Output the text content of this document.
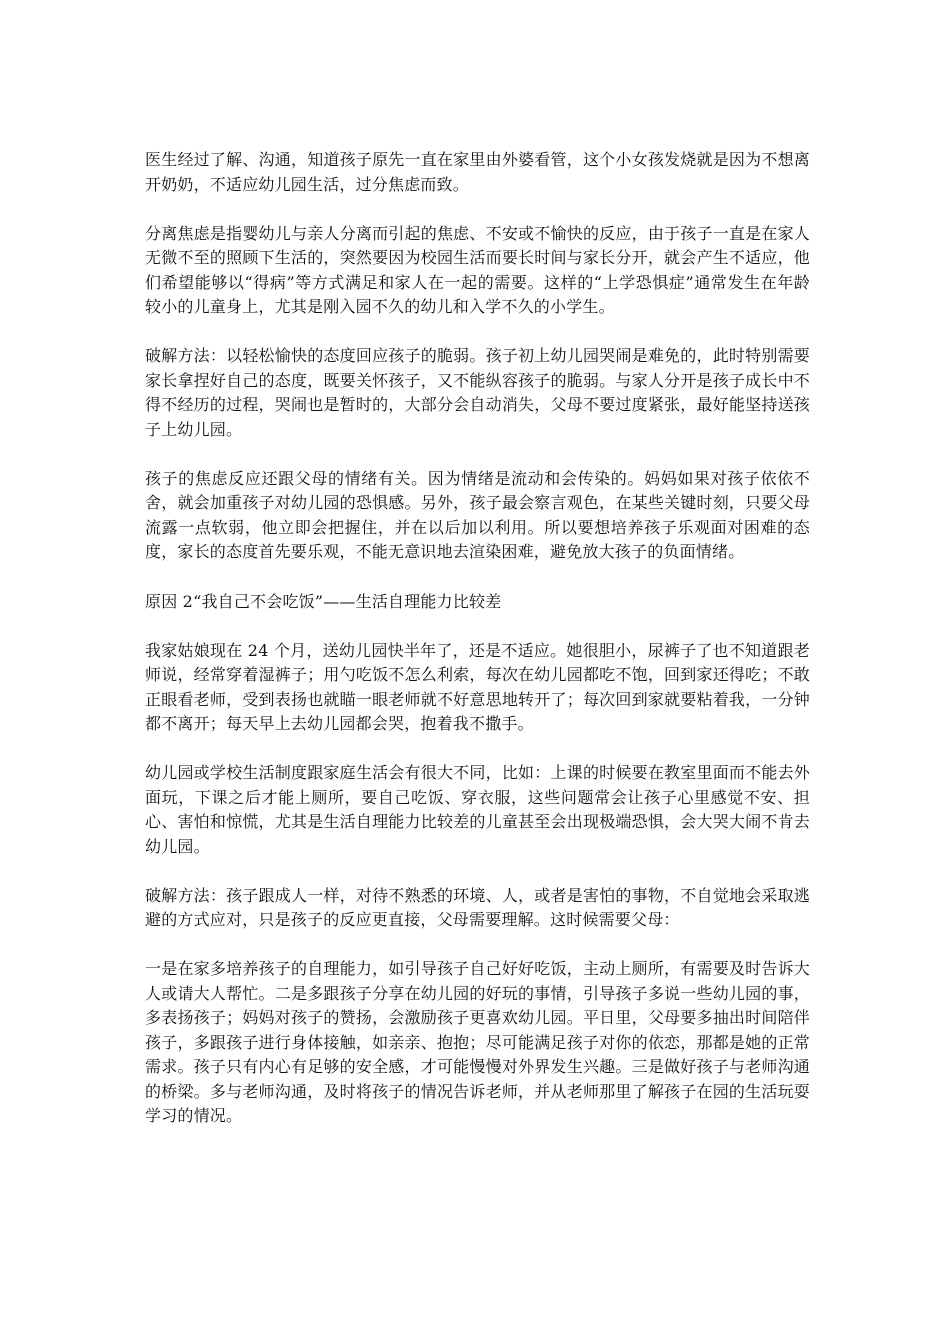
医生经过了解、沟通，知道孩子原先一直在家里由外婆看管，这个小女孩发烧就是因为不想离开奶奶，不适应幼儿园生活，过分焦虑而致。

分离焦虑是指婴幼儿与亲人分离而引起的焦虑、不安或不愉快的反应，由于孩子一直是在家人无微不至的照顾下生活的，突然要因为校园生活而要长时间与家长分开，就会产生不适应，他们希望能够以“得病”等方式满足和家人在一起的需要。这样的“上学恐惧症”通常发生在年龄较小的儿童身上，尤其是刚入园不久的幼儿和入学不久的小学生。

破解方法：以轻松愉快的态度回应孩子的脆弱。孩子初上幼儿园哭闹是难免的，此时特别需要家长拿捏好自己的态度，既要关怀孩子，又不能纵容孩子的脆弱。与家人分开是孩子成长中不得不经历的过程，哭闹也是暂时的，大部分会自动消失，父母不要过度紧张，最好能坚持送孩子上幼儿园。

孩子的焦虑反应还跟父母的情绪有关。因为情绪是流动和会传染的。妈妈如果对孩子依依不舍，就会加重孩子对幼儿园的恐惧感。另外，孩子最会察言观色，在某些关键时刻，只要父母流露一点软弱，他立即会把握住，并在以后加以利用。所以要想培养孩子乐观面对困难的态度，家长的态度首先要乐观，不能无意识地去渲染困难，避免放大孩子的负面情绪。

原因 2“我自己不会吃饭”——生活自理能力比较差

我家姑娘现在 24 个月，送幼儿园快半年了，还是不适应。她很胆小，尿裤子了也不知道跟老师说，经常穿着湿裤子；用勺吃饭不怎么利索，每次在幼儿园都吃不饱，回到家还得吃；不敢正眼看老师，受到表扬也就瞄一眼老师就不好意思地转开了；每次回到家就要粘着我，一分钟都不离开；每天早上去幼儿园都会哭，抱着我不撒手。

幼儿园或学校生活制度跟家庭生活会有很大不同，比如：上课的时候要在教室里面而不能去外面玩，下课之后才能上厕所，要自己吃饭、穿衣服，这些问题常会让孩子心里感觉不安、担心、害怕和惊慌，尤其是生活自理能力比较差的儿童甚至会出现极端恐惧，会大哭大闹不肯去幼儿园。

破解方法：孩子跟成人一样，对待不熟悉的环境、人，或者是害怕的事物，不自觉地会采取逃避的方式应对，只是孩子的反应更直接，父母需要理解。这时候需要父母：

一是在家多培养孩子的自理能力，如引导孩子自己好好吃饭，主动上厕所，有需要及时告诉大人或请大人帮忙。二是多跟孩子分享在幼儿园的好玩的事情，引导孩子多说一些幼儿园的事，多表扬孩子；妈妈对孩子的赞扬，会激励孩子更喜欢幼儿园。平日里，父母要多抽出时间陪伴孩子，多跟孩子进行身体接触，如亲亲、抱抱；尽可能满足孩子对你的依恋，那都是她的正常需求。孩子只有内心有足够的安全感，才可能慢慢对外界发生兴趣。三是做好孩子与老师沟通的桥梁。多与老师沟通，及时将孩子的情况告诉老师，并从老师那里了解孩子在园的生活玩耍学习的情况。
